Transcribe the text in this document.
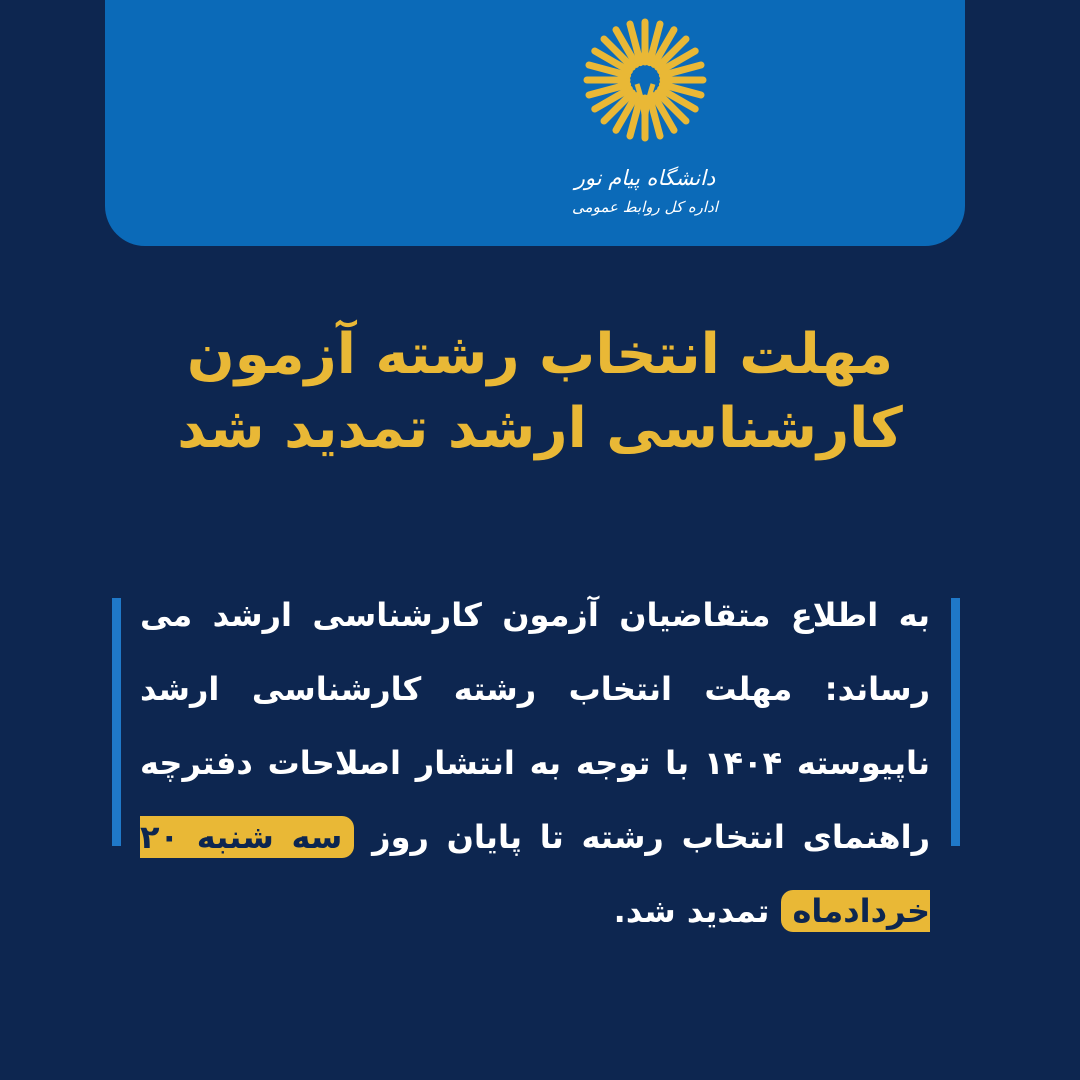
دانشگاه پیام نور
اداره کل روابط عمومی
مهلت انتخاب رشته آزمون
کارشناسی ارشد تمدید شد
به اطلاع متقاضیان آزمون کارشناسی ارشد می رساند: مهلت انتخاب رشته کارشناسی ارشد ناپیوسته ۱۴۰۴ با توجه به انتشار اصلاحات دفترچه راهنمای انتخاب رشته تا پایان روز سه شنبه ۲۰ خردادماه تمدید شد.
